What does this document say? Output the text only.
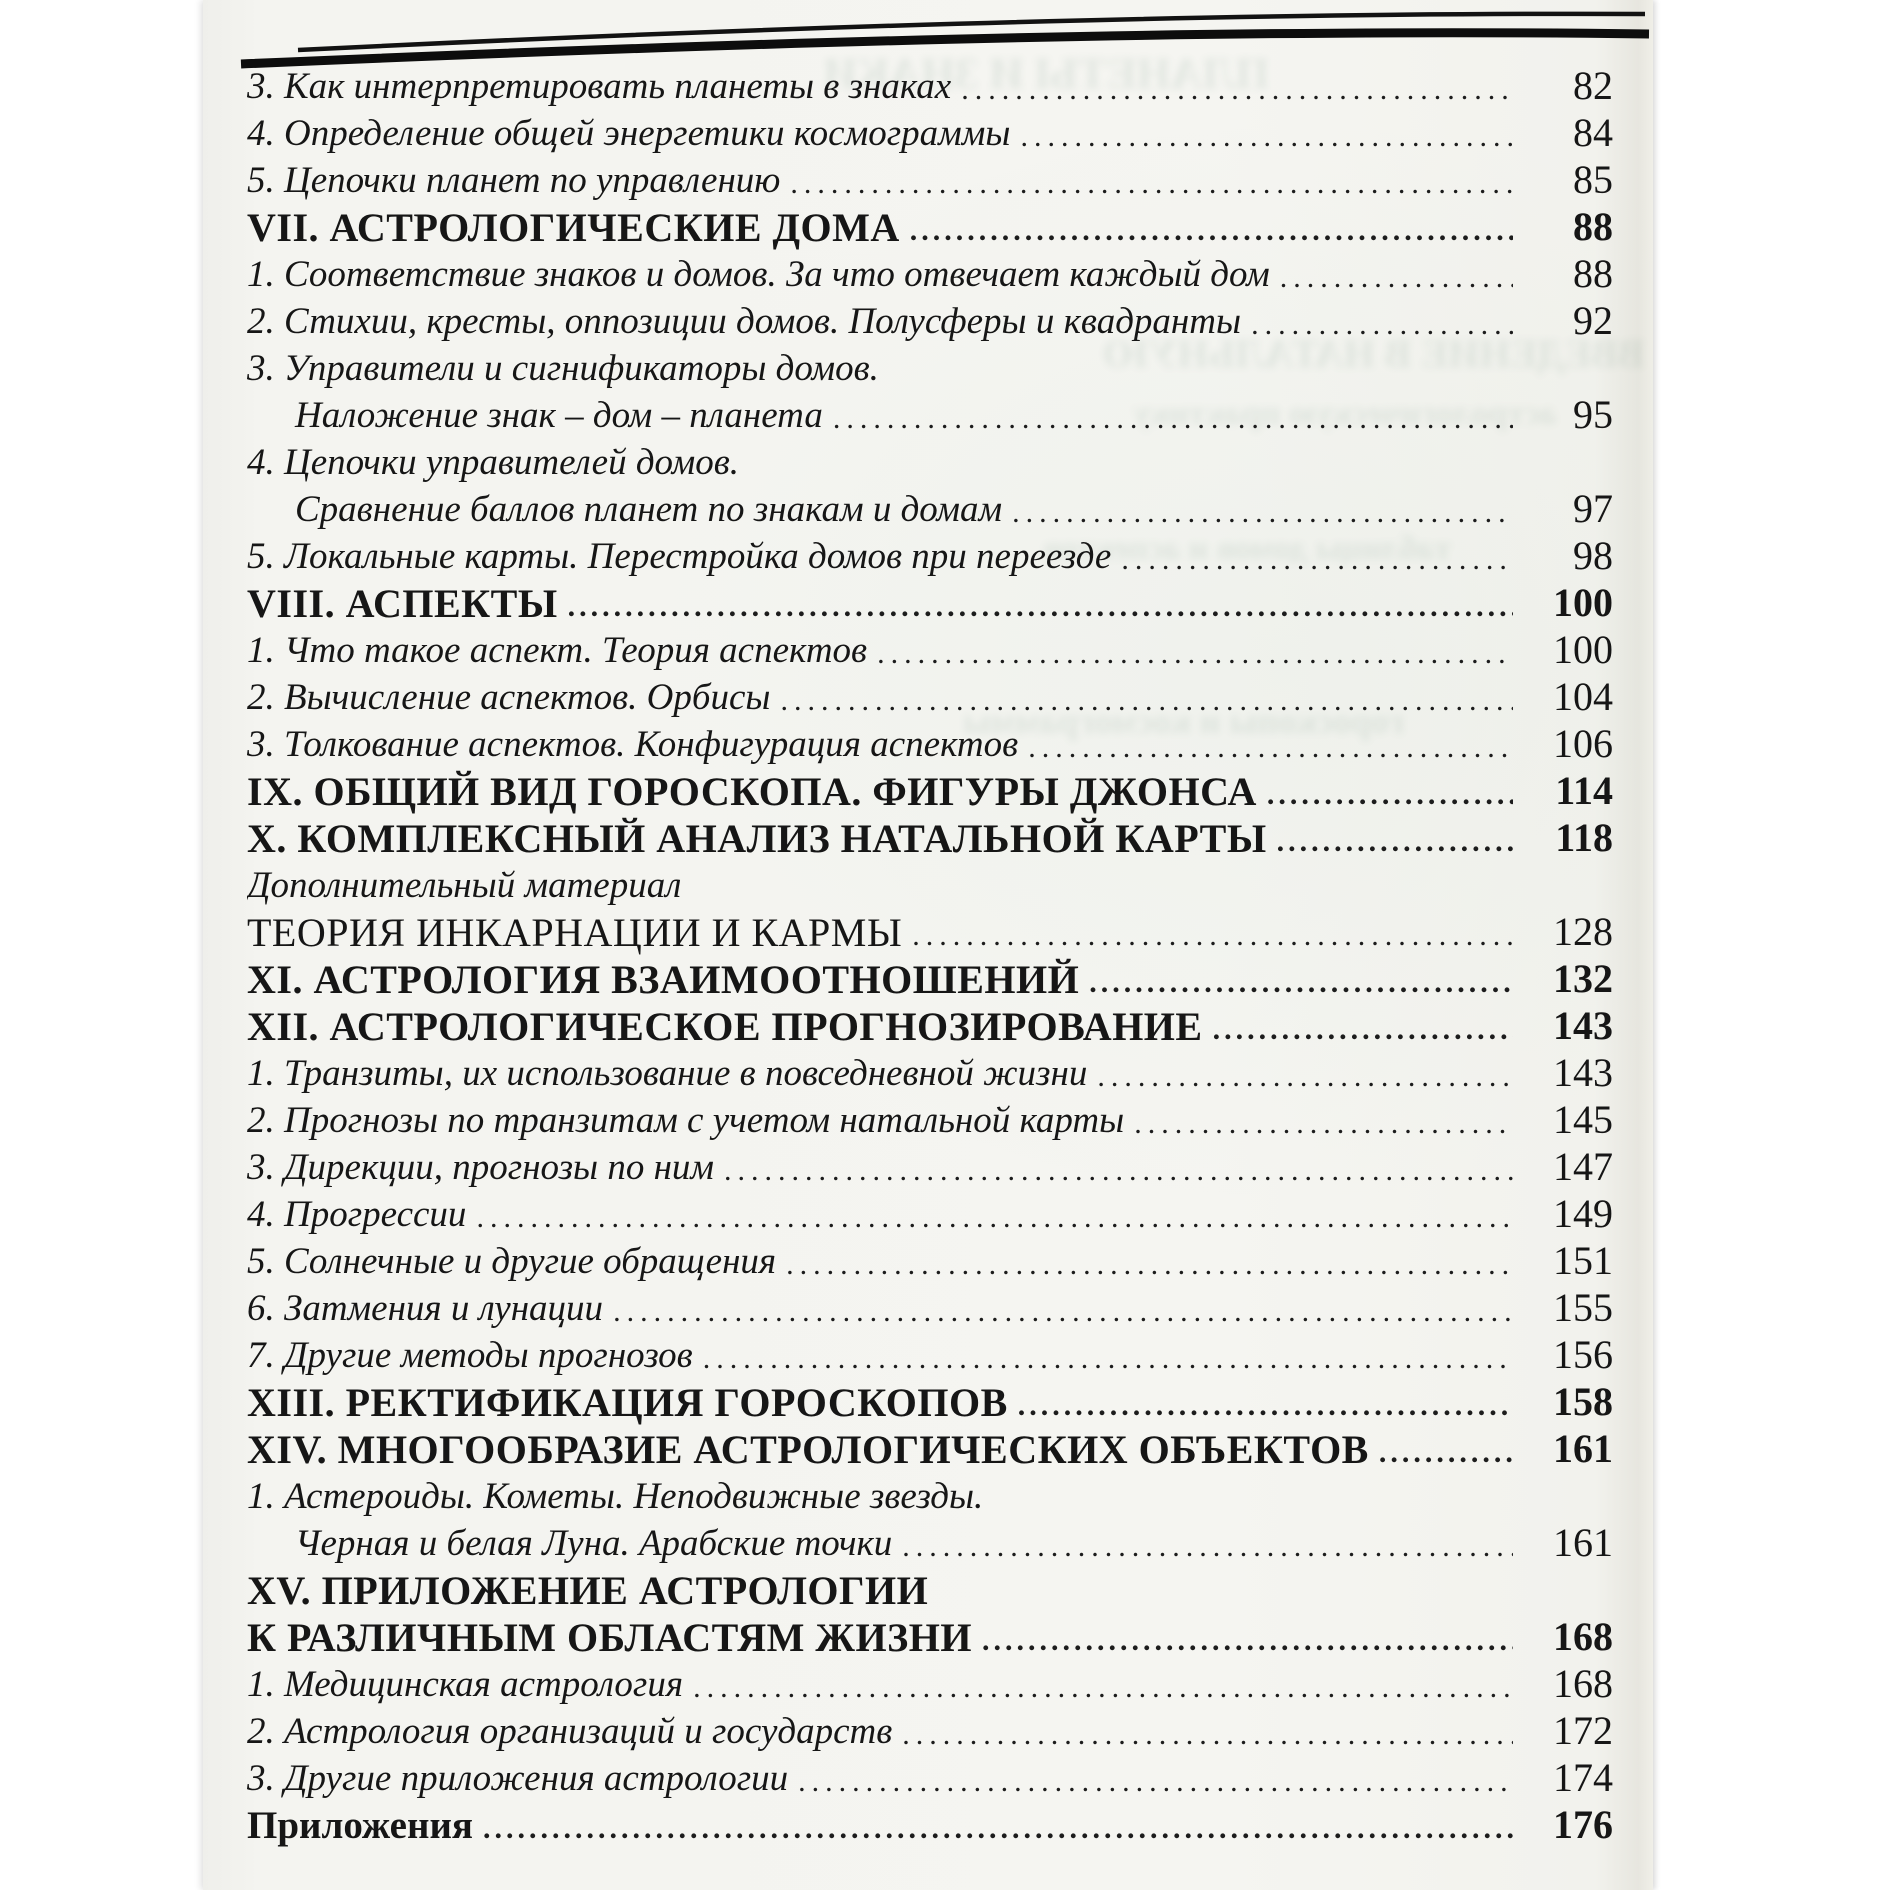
ПЛАНЕТЫ И ЗНАКИ
ВВЕДЕНИЕ В НАТАЛЬНУЮ
астрологическую практику
таблицы домов и аспектов
гороскопы и космограммы
3. Как интерпретировать планеты в знаках .....	82
4. Определение общей энергетики космограммы .....	84
5. Цепочки планет по управлению .....	85
VII. АСТРОЛОГИЧЕСКИЕ ДОМА .....	88
1. Соответствие знаков и домов. За что отвечает каждый дом .....	88
2. Стихии, кресты, оппозиции домов. Полусферы и квадранты .....	92
3. Управители и сигнификаторы домов.
Наложение знак – дом – планета .....	95
4. Цепочки управителей домов.
Сравнение баллов планет по знакам и домам .....	97
5. Локальные карты. Перестройка домов при переезде .....	98
VIII. АСПЕКТЫ .....	100
1. Что такое аспект. Теория аспектов .....	100
2. Вычисление аспектов. Орбисы .....	104
3. Толкование аспектов. Конфигурация аспектов .....	106
IX. ОБЩИЙ ВИД ГОРОСКОПА. ФИГУРЫ ДЖОНСА .....	114
X. КОМПЛЕКСНЫЙ АНАЛИЗ НАТАЛЬНОЙ КАРТЫ .....	118
Дополнительный материал
ТЕОРИЯ ИНКАРНАЦИИ И КАРМЫ .....	128
XI. АСТРОЛОГИЯ ВЗАИМООТНОШЕНИЙ .....	132
XII. АСТРОЛОГИЧЕСКОЕ ПРОГНОЗИРОВАНИЕ .....	143
1. Транзиты, их использование в повседневной жизни .....	143
2. Прогнозы по транзитам с учетом натальной карты .....	145
3. Дирекции, прогнозы по ним .....	147
4. Прогрессии .....	149
5. Солнечные и другие обращения .....	151
6. Затмения и лунации .....	155
7. Другие методы прогнозов .....	156
XIII. РЕКТИФИКАЦИЯ ГОРОСКОПОВ .....	158
XIV. МНОГООБРАЗИЕ АСТРОЛОГИЧЕСКИХ ОБЪЕКТОВ .....	161
1. Астероиды. Кометы. Неподвижные звезды.
Черная и белая Луна. Арабские точки .....	161
XV. ПРИЛОЖЕНИЕ АСТРОЛОГИИ
К РАЗЛИЧНЫМ ОБЛАСТЯМ ЖИЗНИ .....	168
1. Медицинская астрология .....	168
2. Астрология организаций и государств .....	172
3. Другие приложения астрологии .....	174
Приложения .....	176
